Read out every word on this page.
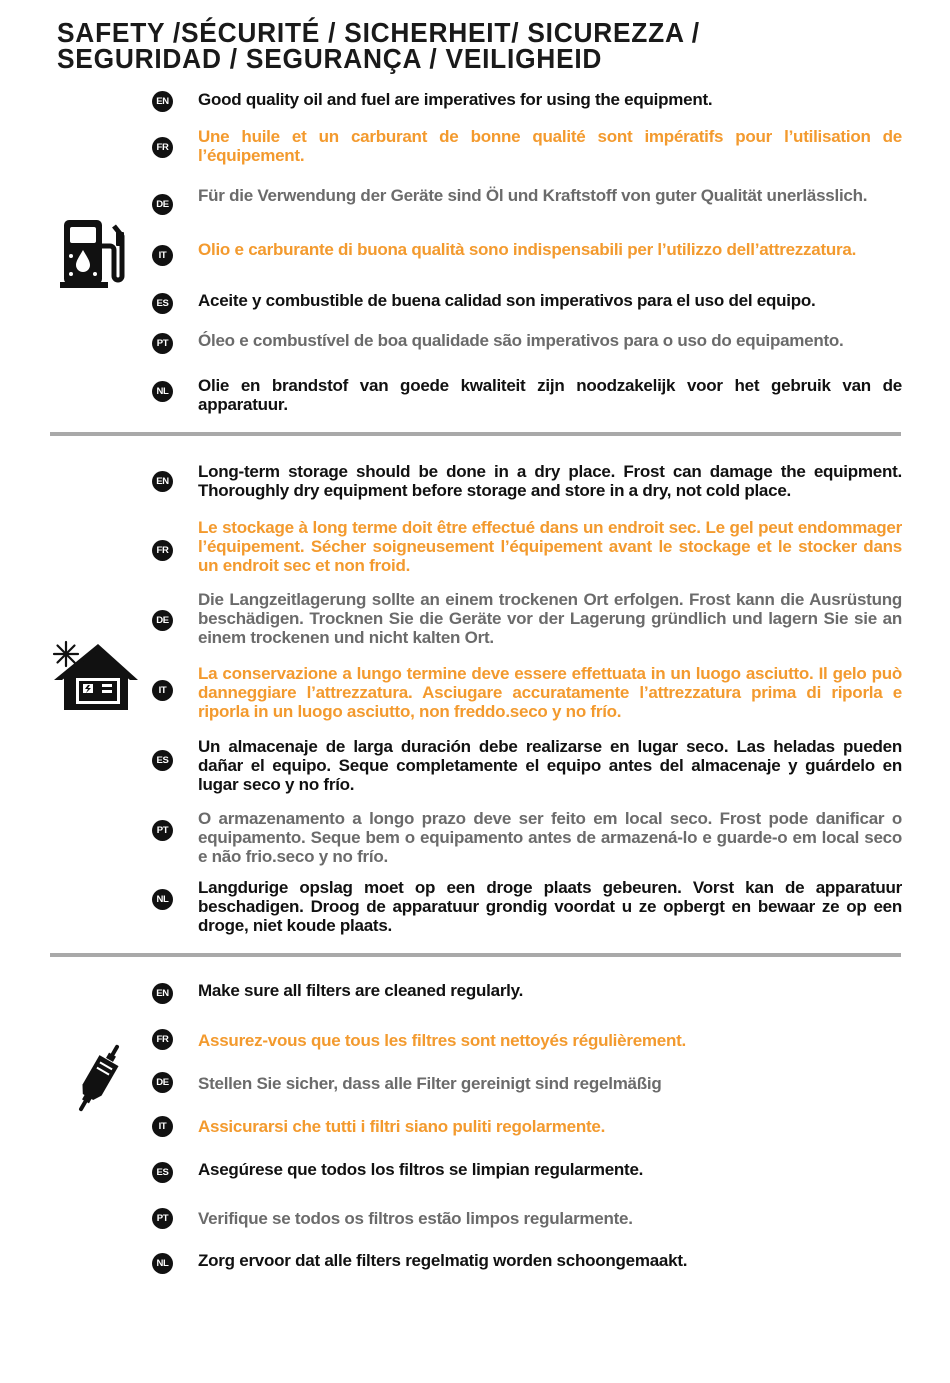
SAFETY /SÉCURITÉ / SICHERHEIT/ SICUREZZA /
SEGURIDAD / SEGURANÇA / VEILIGHEID
EN Good quality oil and fuel are imperatives for using the equipment.

FR

Une huile et un carburant de bonne qualité sont impératifs pour l’utilisation de l’équipement.

DE Für die Verwendung der Geräte sind Öl und Kraftstoff von guter Qualität unerlässlich.

IT	Olio e carburante di buona qualità sono indispensabili per l’utilizzo dell’attrezzatura.

ES Aceite y combustible de buena calidad son imperativos para el uso del equipo.

PT Óleo e combustível de boa qualidade são imperativos para o uso do equipamento.

NL Olie en brandstof van goede kwaliteit zijn noodzakelijk voor het gebruik van de apparatuur.

EN

Long-term storage should be done in a dry place. Frost can damage the equipment. Thoroughly dry equipment before storage and store in a dry, not cold place.

FR

Le stockage à long terme doit être effectué dans un endroit sec. Le gel peut endommager l’équipement. Sécher soigneusement l’équipement avant le stockage et le stocker dans un endroit sec et non froid.

DE

Die Langzeitlagerung sollte an einem trockenen Ort erfolgen. Frost kann die Ausrüstung beschädigen. Trocknen Sie die Geräte vor der Lagerung gründlich und lagern Sie sie an einem trockenen und nicht kalten Ort.

IT

La conservazione a lungo termine deve essere effettuata in un luogo asciutto. Il gelo può danneggiare l’attrezzatura. Asciugare accuratamente l’attrezzatura prima di riporla e riporla in un luogo asciutto, non freddo.seco y no frío.

ES

Un almacenaje de larga duración debe realizarse en lugar seco. Las heladas pueden dañar el equipo. Seque completamente el equipo antes del almacenaje y guárdelo en lugar seco y no frío.

PT

O armazenamento a longo prazo deve ser feito em local seco. Frost pode danificar o equipamento. Seque bem o equipamento antes de armazená-lo e guarde-o em local seco e não frio.seco y no frío.

NL

Langdurige opslag moet op een droge plaats gebeuren. Vorst kan de apparatuur beschadigen. Droog de apparatuur grondig voordat u ze opbergt en bewaar ze op een droge, niet koude plaats.

EN Make sure all filters are cleaned regularly.

FR Assurez-vous que tous les filtres sont nettoyés régulièrement.

DE Stellen Sie sicher, dass alle Filter gereinigt sind regelmäßig

IT	Assicurarsi che tutti i filtri siano puliti regolarmente.

ES Asegúrese que todos los filtros se limpian regularmente.

PT Verifique se todos os filtros estão limpos regularmente.

NL Zorg ervoor dat alle filters regelmatig worden schoongemaakt.
